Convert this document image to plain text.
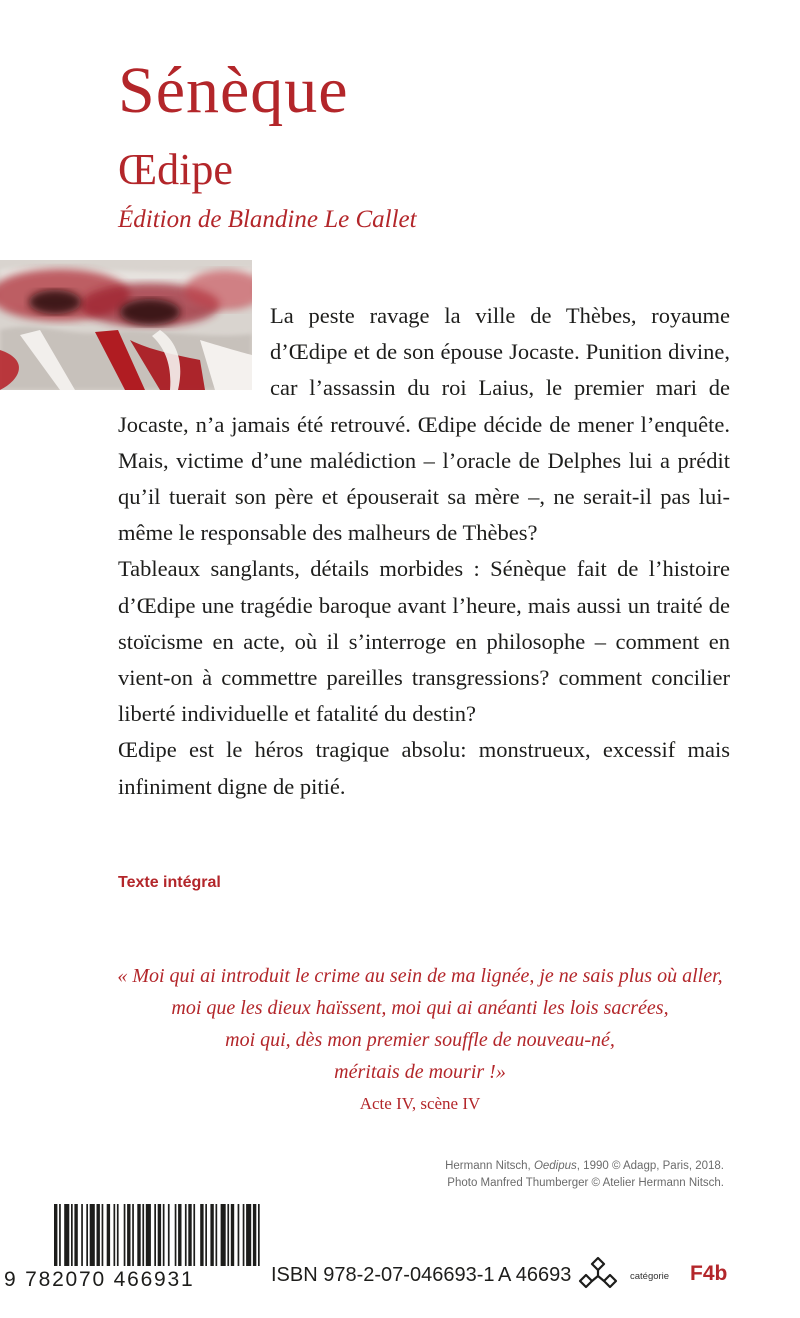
Sénèque
Œdipe
Édition de Blandine Le Callet

La peste ravage la ville de Thèbes, royaume d’Œdipe et de son épouse Jocaste. Punition divine, car l’assassin du roi Laius, le premier mari de Jocaste, n’a jamais été retrouvé. Œdipe décide de mener l’enquête. Mais, victime d’une malédiction – l’oracle de Delphes lui a prédit qu’il tuerait son père et épouserait sa mère –, ne serait-il pas lui-même le responsable des malheurs de Thèbes?

Tableaux sanglants, détails morbides : Sénèque fait de l’histoire d’Œdipe une tragédie baroque avant l’heure, mais aussi un traité de stoïcisme en acte, où il s’interroge en philosophe – comment en vient-on à commettre pareilles transgressions? comment concilier liberté individuelle et fatalité du destin?

Œdipe est le héros tragique absolu: monstrueux, excessif mais infiniment digne de pitié.

Texte intégral
« Moi qui ai introduit le crime au sein de ma lignée, je ne sais plus où aller,
moi que les dieux haïssent, moi qui ai anéanti les lois sacrées,
moi qui, dès mon premier souffle de nouveau-né,
méritais de mourir !»
Acte IV, scène IV
Hermann Nitsch, Oedipus, 1990 © Adagp, Paris, 2018.
Photo Manfred Thumberger © Atelier Hermann Nitsch.
9 782070 466931	ISBN 978-2-07-046693-1 A 46693	catégorie F4b
